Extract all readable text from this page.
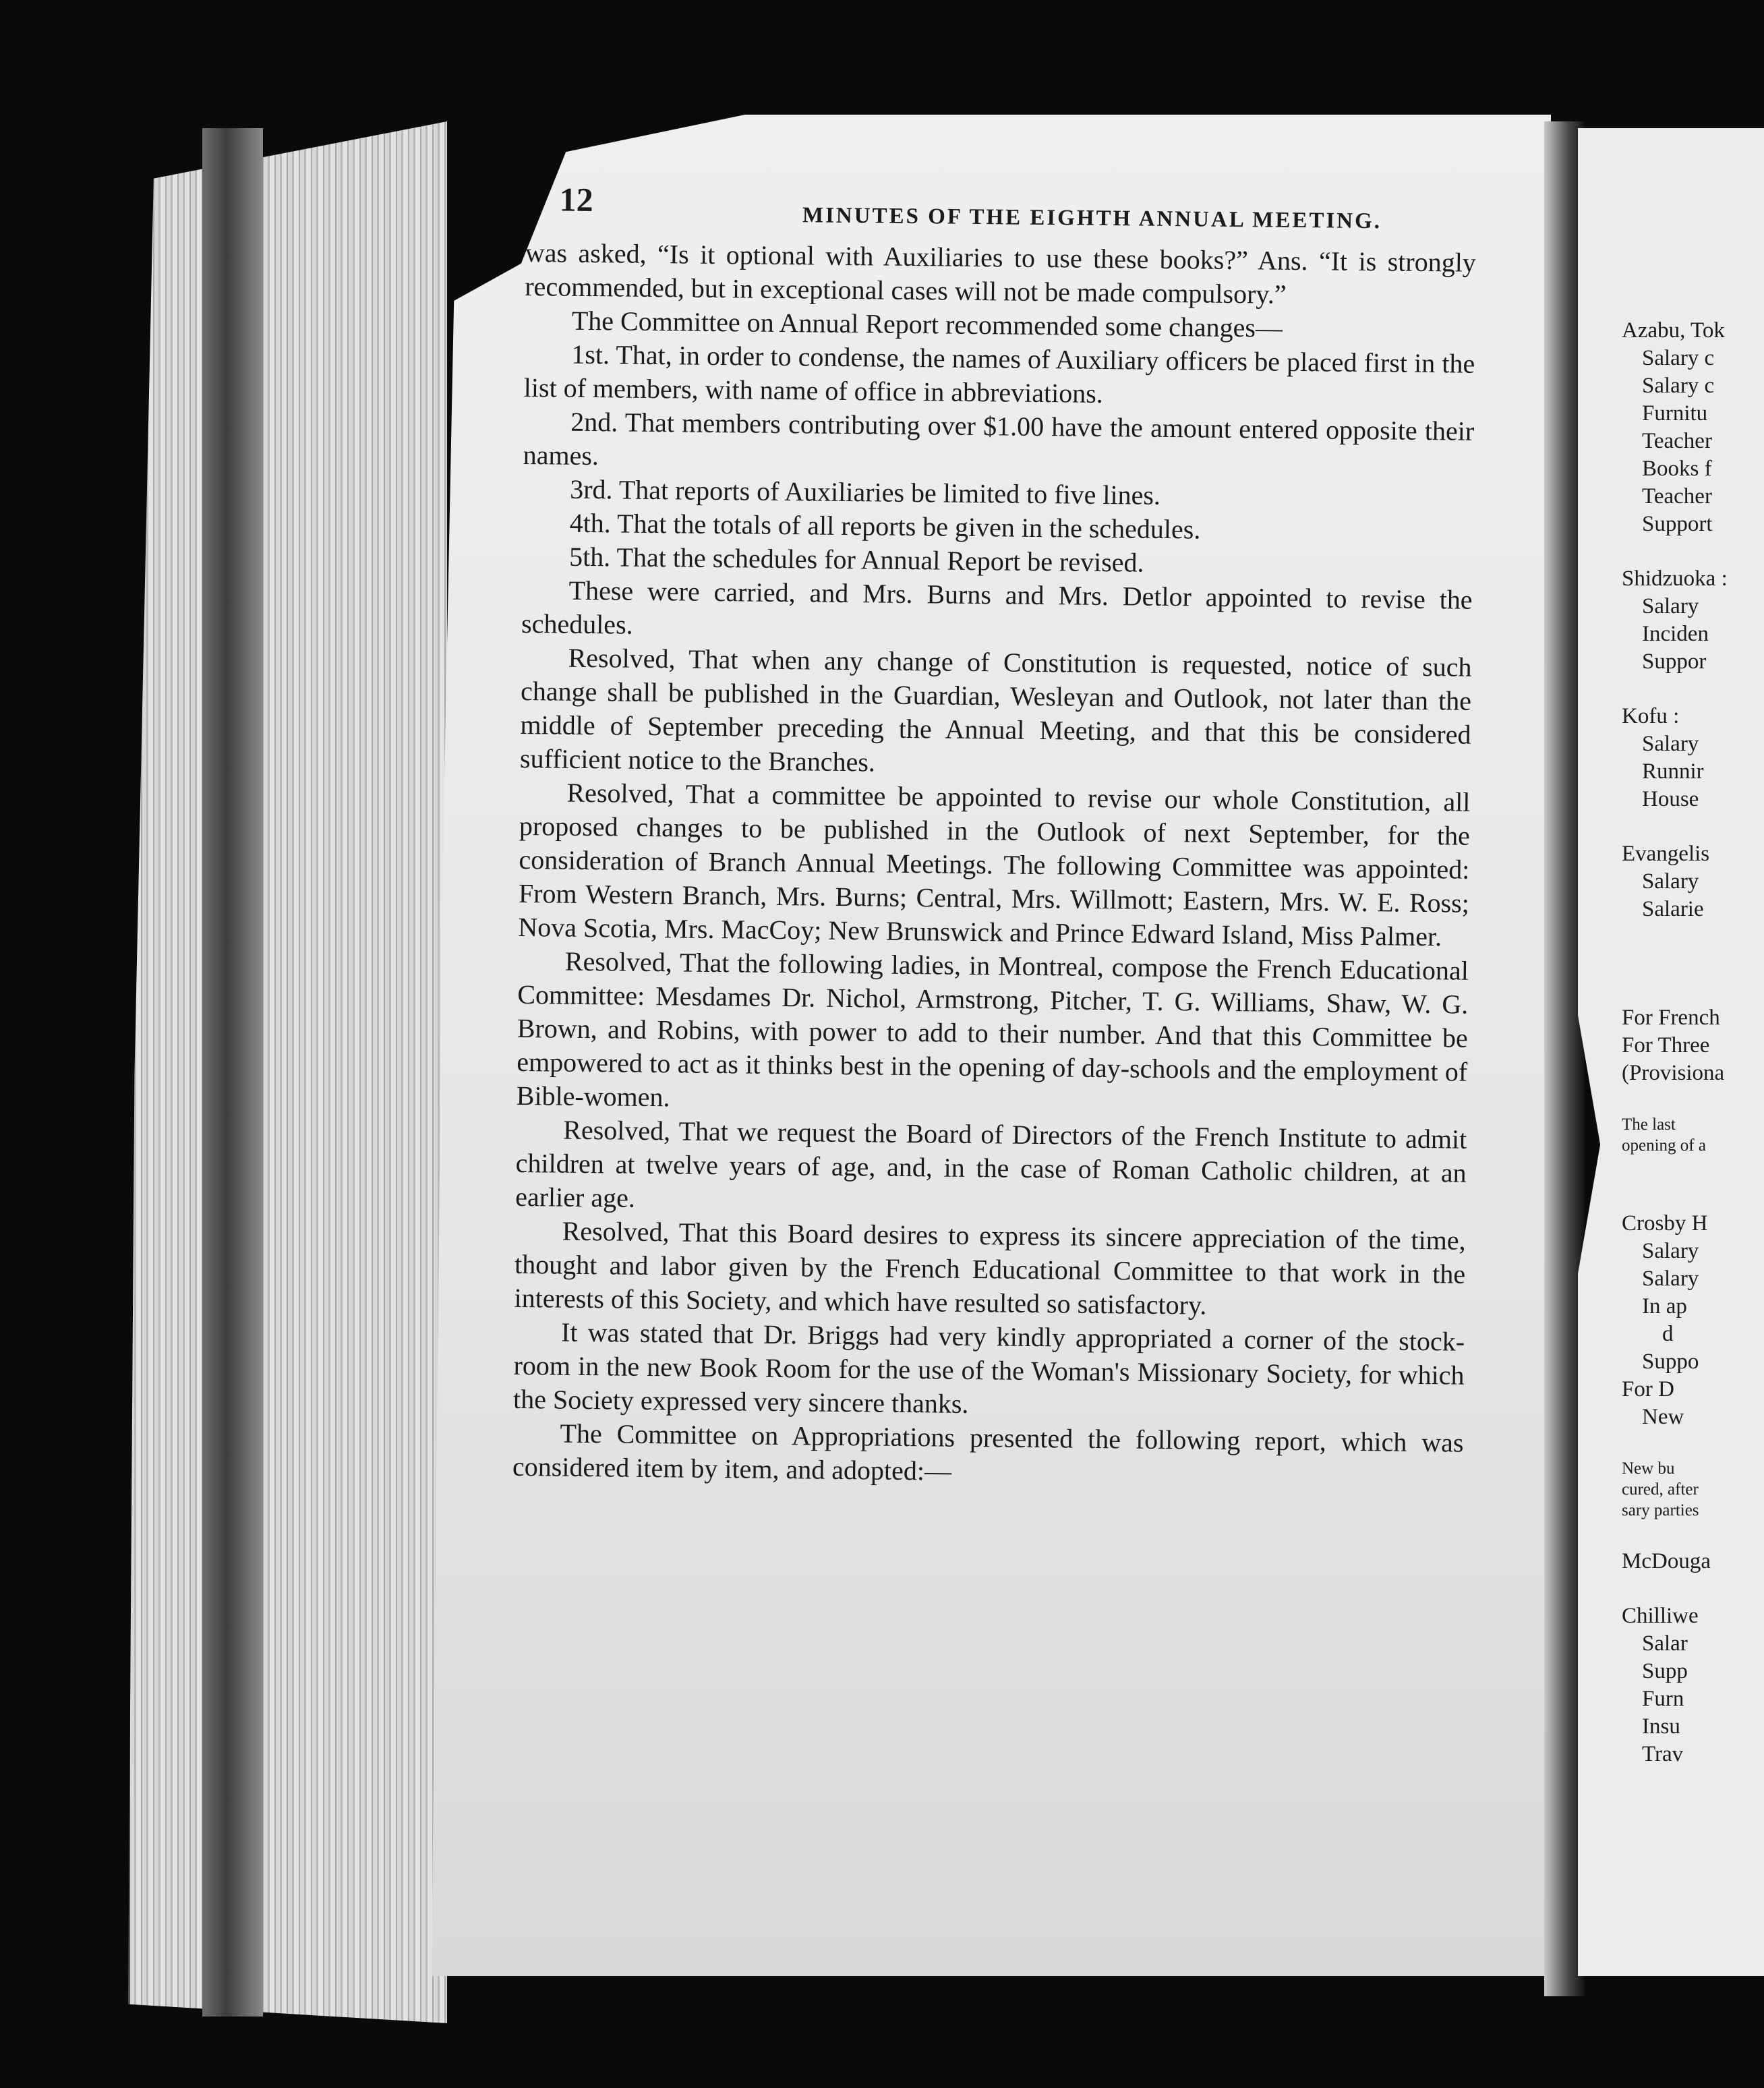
12	MINUTES OF THE EIGHTH ANNUAL MEETING.

was asked, “Is it optional with Auxiliaries to use these books?” Ans. “It is strongly recommended, but in exceptional cases will not be made compulsory.”

The Committee on Annual Report recommended some changes—

1st. That, in order to condense, the names of Auxiliary officers be placed first in the list of members, with name of office in abbreviations.

2nd. That members contributing over $1.00 have the amount entered opposite their names.

3rd. That reports of Auxiliaries be limited to five lines.

4th. That the totals of all reports be given in the schedules.

5th. That the schedules for Annual Report be revised.

These were carried, and Mrs. Burns and Mrs. Detlor appointed to revise the schedules.

Resolved, That when any change of Constitution is requested, notice of such change shall be published in the Guardian, Wesleyan and Outlook, not later than the middle of September preceding the Annual Meeting, and that this be considered sufficient notice to the Branches.

Resolved, That a committee be appointed to revise our whole Constitution, all proposed changes to be published in the Outlook of next September, for the consideration of Branch Annual Meetings. The following Committee was appointed: From Western Branch, Mrs. Burns; Central, Mrs. Willmott; Eastern, Mrs. W. E. Ross; Nova Scotia, Mrs. MacCoy; New Brunswick and Prince Edward Island, Miss Palmer.

Resolved, That the following ladies, in Montreal, compose the French Educational Committee: Mesdames Dr. Nichol, Armstrong, Pitcher, T. G. Williams, Shaw, W. G. Brown, and Robins, with power to add to their number. And that this Committee be empowered to act as it thinks best in the opening of day-schools and the employment of Bible-women.

Resolved, That we request the Board of Directors of the French Institute to admit children at twelve years of age, and, in the case of Roman Catholic children, at an earlier age.

Resolved, That this Board desires to express its sincere appreciation of the time, thought and labor given by the French Educational Committee to that work in the interests of this Society, and which have resulted so satisfactory.

It was stated that Dr. Briggs had very kindly appropriated a corner of the stock-room in the new Book Room for the use of the Woman's Missionary Society, for which the Society expressed very sincere thanks.

The Committee on Appropriations presented the following report, which was considered item by item, and adopted:—

Azabu, Tok
Salary c
Salary c
Furnitu
Teacher
Books f
Teacher
Support
Shidzuoka :
Salary
Inciden
Suppor
Kofu :
Salary
Runnir
House
Evangelis
Salary
Salarie
For French
For Three
(Provisiona
The last
opening of a
Crosby H
Salary
Salary
In ap
d
Suppo
For D
New
New bu
cured, after
sary parties
McDouga
Chilliwe
Salar
Supp
Furn
Insu
Trav
